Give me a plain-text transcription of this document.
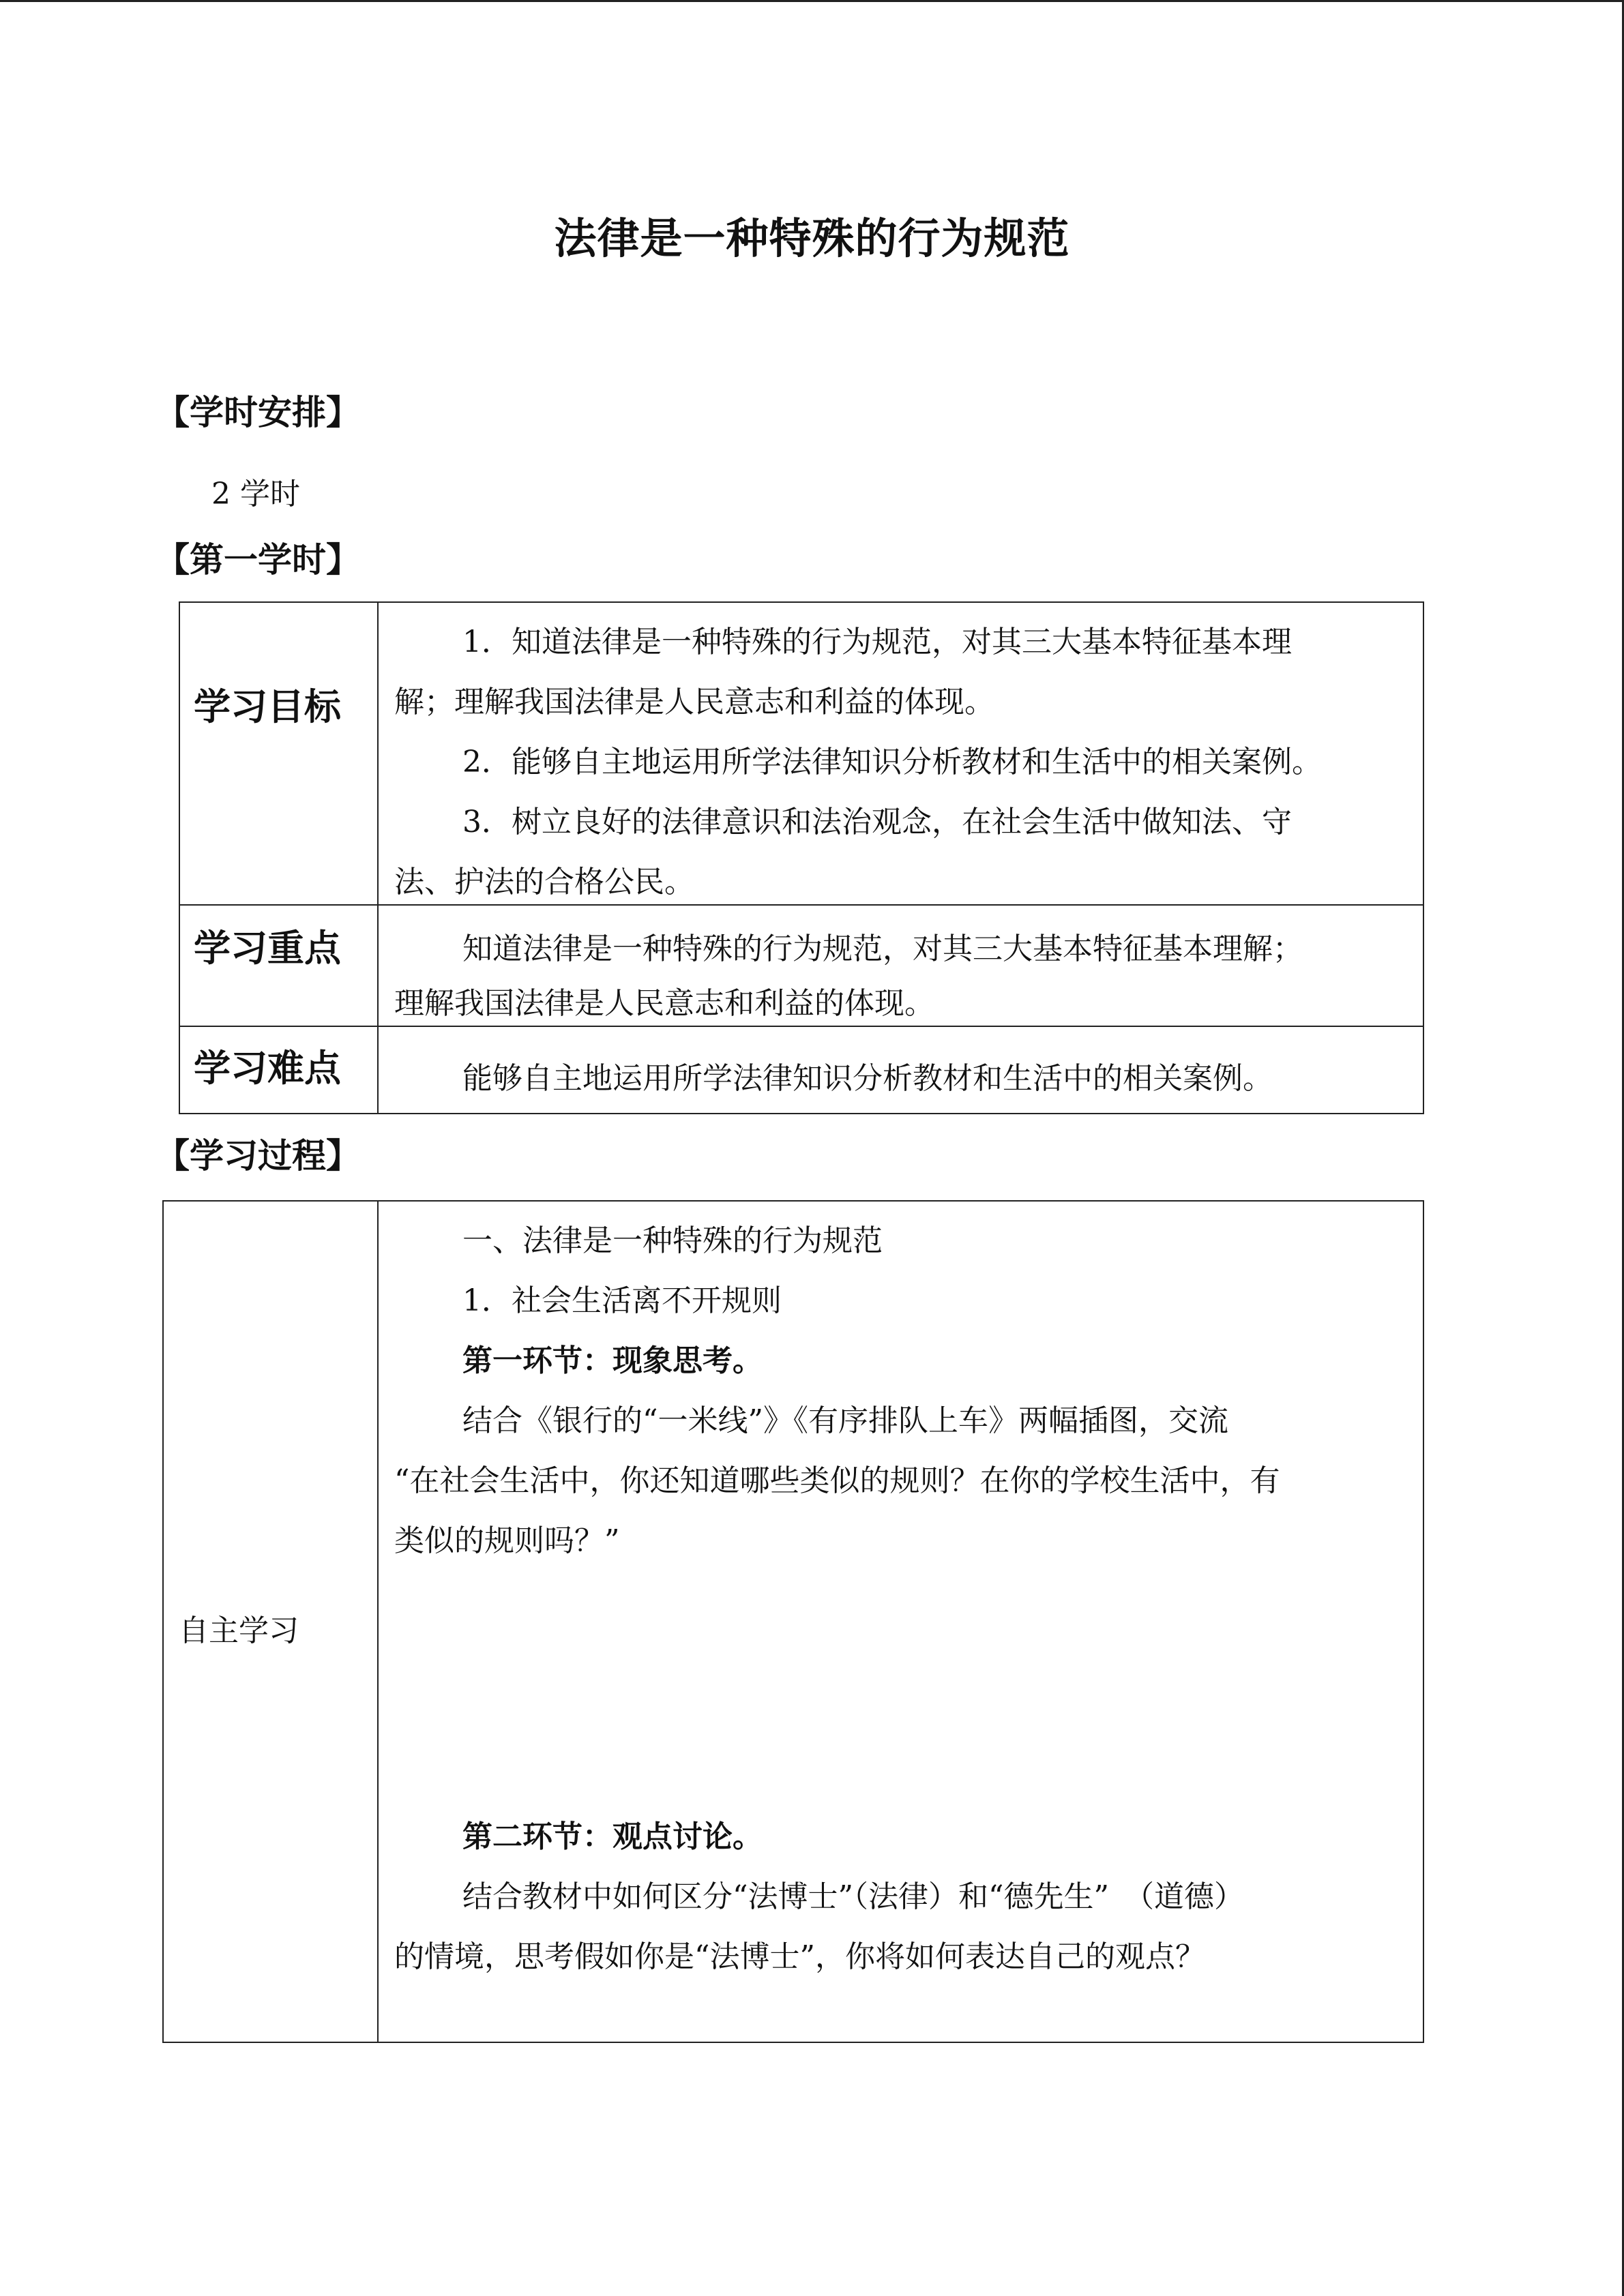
法律是一种特殊的行为规范
【学时安排】
2 学时
【第一学时】
学习目标
1．知道法律是一种特殊的行为规范，对其三大基本特征基本理
解；理解我国法律是人民意志和利益的体现。
2．能够自主地运用所学法律知识分析教材和生活中的相关案例。
3．树立良好的法律意识和法治观念，在社会生活中做知法、守
法、护法的合格公民。
学习重点	知道法律是一种特殊的行为规范，对其三大基本特征基本理解；
理解我国法律是人民意志和利益的体现。
学习难点	能够自主地运用所学法律知识分析教材和生活中的相关案例。
【学习过程】
自主学习
一、法律是一种特殊的行为规范
1．社会生活离不开规则
第一环节：现象思考。
结合《银行的“一米线”》《有序排队上车》两幅插图，交流
“在社会生活中，你还知道哪些类似的规则？在你的学校生活中，有
类似的规则吗？”
第二环节：观点讨论。
结合教材中如何区分“法博士”（法律）和“德先生”　（道德）
的情境，思考假如你是“法博士”，你将如何表达自己的观点？
